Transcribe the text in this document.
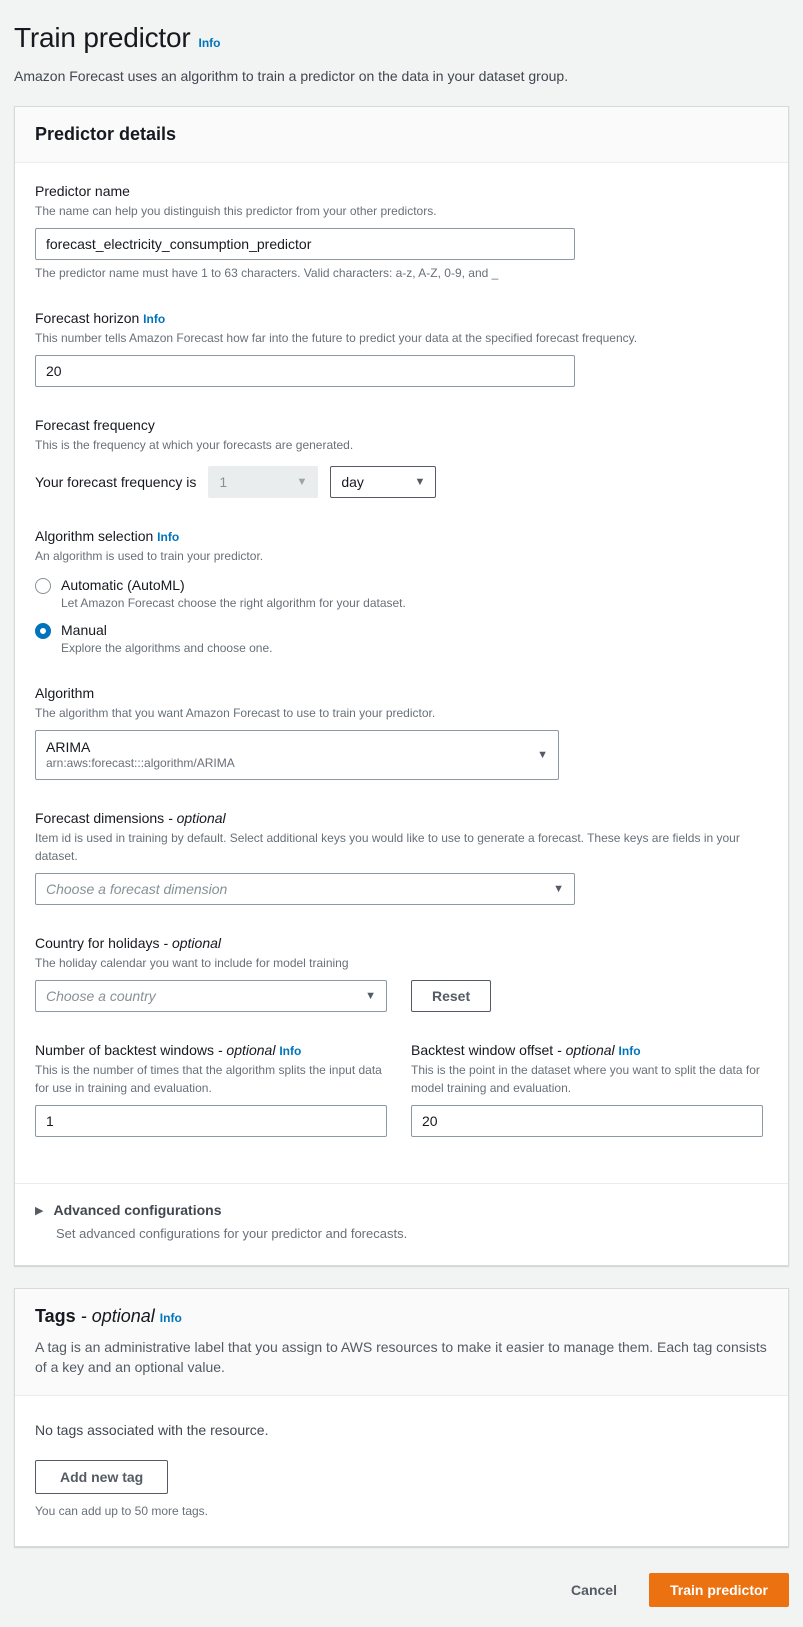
Train predictor Info

Amazon Forecast uses an algorithm to train a predictor on the data in your dataset group.

Predictor details
Predictor name
The name can help you distinguish this predictor from your other predictors.
forecast_electricity_consumption_predictor
The predictor name must have 1 to 63 characters. Valid characters: a-z, A-Z, 0-9, and _
Forecast horizon Info
This number tells Amazon Forecast how far into the future to predict your data at the specified forecast frequency.
20
Forecast frequency
This is the frequency at which your forecasts are generated.
Your forecast frequency is 1	▼ day	▼
Algorithm selection Info
An algorithm is used to train your predictor.
Automatic (AutoML)
Let Amazon Forecast choose the right algorithm for your dataset.
Manual
Explore the algorithms and choose one.
Algorithm
The algorithm that you want Amazon Forecast to use to train your predictor.
ARIMA
arn:aws:forecast:::algorithm/ARIMA
▼
Forecast dimensions - optional
Item id is used in training by default. Select additional keys you would like to use to generate a forecast. These keys are fields in your dataset.
Choose a forecast dimension	▼
Country for holidays - optional
The holiday calendar you want to include for model training
Choose a country	▼	Reset
Number of backtest windows - optional Info
This is the number of times that the algorithm splits the input data for use in training and evaluation.
1
Backtest window offset - optional Info
This is the point in the dataset where you want to split the data for model training and evaluation.
20
▶ Advanced configurations
Set advanced configurations for your predictor and forecasts.
Tags - optional Info

A tag is an administrative label that you assign to AWS resources to make it easier to manage them. Each tag consists of a key and an optional value.

No tags associated with the resource.

Add new tag

You can add up to 50 more tags.

Cancel	Train predictor
